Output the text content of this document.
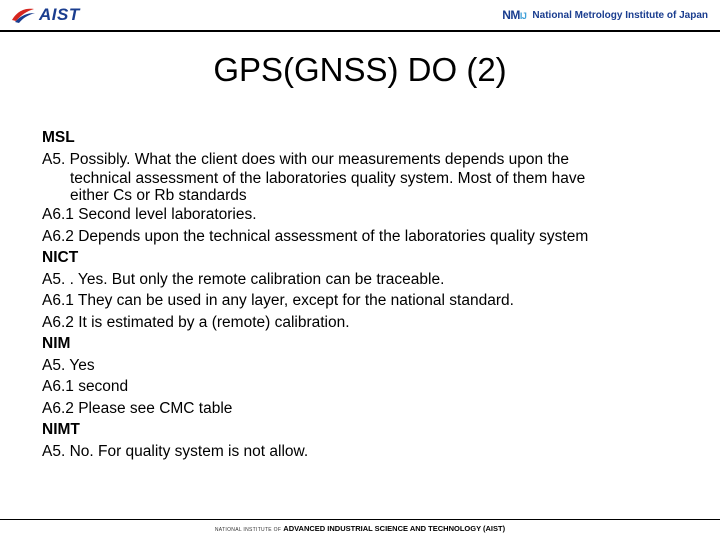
AIST	NMIJ National Metrology Institute of Japan
GPS(GNSS) DO (2)
MSL
A5. Possibly. What the client does with our measurements depends upon the
technical assessment of the laboratories quality system. Most of them have
either Cs or Rb standards
A6.1 Second level laboratories.
A6.2 Depends upon the technical assessment of the laboratories quality system
NICT
A5. . Yes. But only the remote calibration can be traceable.
A6.1 They can be used in any layer, except for the national standard.
A6.2 It is estimated by a (remote) calibration.
NIM
A5. Yes
A6.1 second
A6.2 Please see CMC table
NIMT
A5. No. For quality system is not allow.
NATIONAL INSTITUTE OF ADVANCED INDUSTRIAL SCIENCE AND TECHNOLOGY (AIST)
